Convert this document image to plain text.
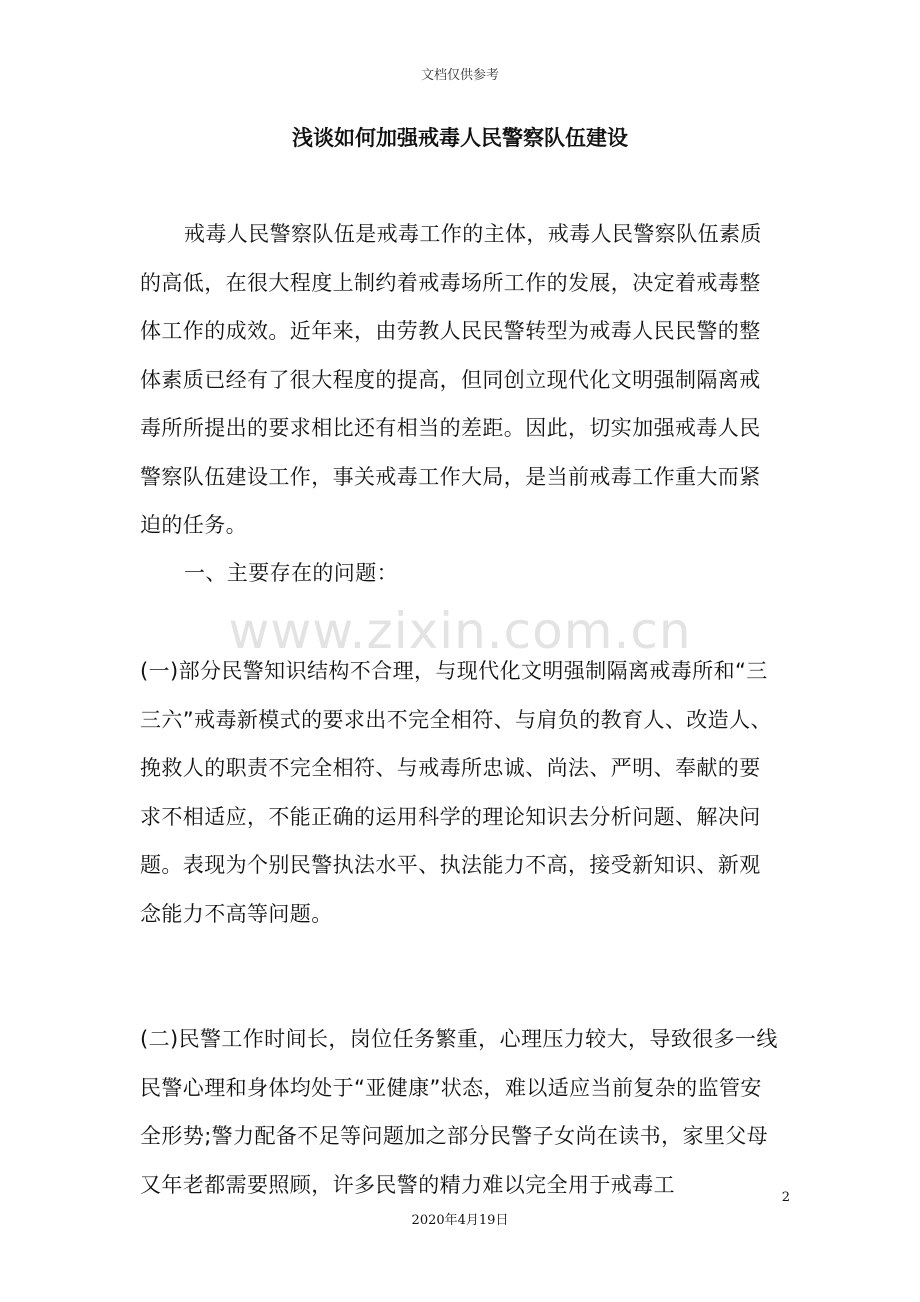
文档仅供参考
浅谈如何加强戒毒人民警察队伍建设

戒毒人民警察队伍是戒毒工作的主体，戒毒人民警察队伍素质的高低，在很大程度上制约着戒毒场所工作的发展，决定着戒毒整体工作的成效。近年来，由劳教人民民警转型为戒毒人民民警的整体素质已经有了很大程度的提高，但同创立现代化文明强制隔离戒毒所所提出的要求相比还有相当的差距。因此，切实加强戒毒人民警察队伍建设工作，事关戒毒工作大局，是当前戒毒工作重大而紧迫的任务。

一、主要存在的问题：

www.zixin.com.cn

(一)部分民警知识结构不合理，与现代化文明强制隔离戒毒所和“三三六”戒毒新模式的要求出不完全相符、与肩负的教育人、改造人、挽救人的职责不完全相符、与戒毒所忠诚、尚法、严明、奉献的要求不相适应，不能正确的运用科学的理论知识去分析问题、解决问题。表现为个别民警执法水平、执法能力不高，接受新知识、新观念能力不高等问题。

(二)民警工作时间长，岗位任务繁重，心理压力较大，导致很多一线民警心理和身体均处于“亚健康”状态，难以适应当前复杂的监管安全形势;警力配备不足等问题加之部分民警子女尚在读书，家里父母又年老都需要照顾，许多民警的精力难以完全用于戒毒工

2
2020年4月19日
